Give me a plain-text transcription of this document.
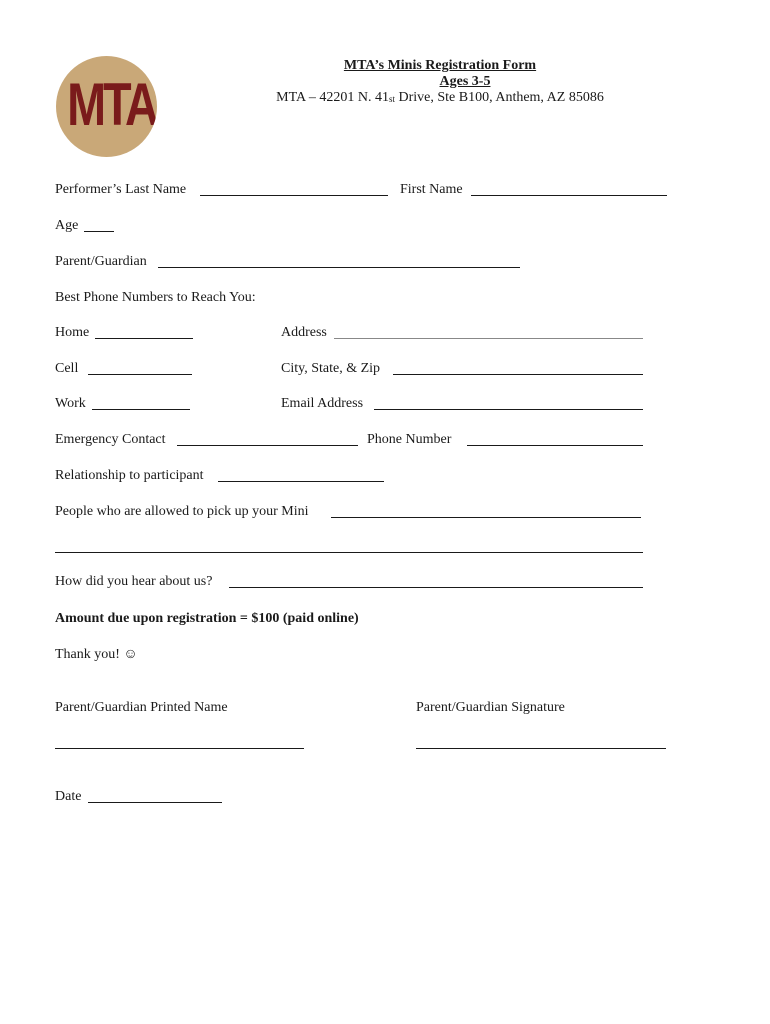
MTA
MTA’s Minis Registration Form
Ages 3-5
MTA – 42201 N. 41st Drive, Ste B100, Anthem, AZ 85086
Performer’s Last Name	First Name
Age
Parent/Guardian
Best Phone Numbers to Reach You:
Home	Address
Cell	City, State, & Zip
Work	Email Address
Emergency Contact	Phone Number
Relationship to participant
People who are allowed to pick up your Mini
How did you hear about us?
Amount due upon registration = $100 (paid online)
Thank you! ☺
Parent/Guardian Printed Name	Parent/Guardian Signature
Date
